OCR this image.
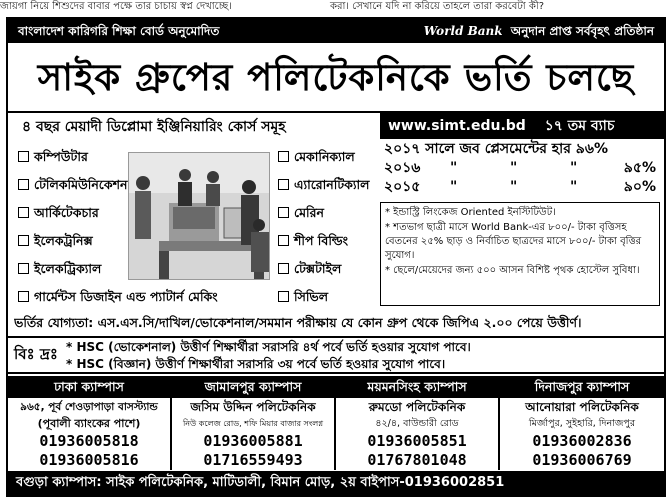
জায়গা নিয়ে শিশুদের বাবার পক্ষে তার চাচায় স্বপ্ন দেখাচ্ছে।	করা। সেখানে যদি না করিয়ে তাহলে তারা করবেটা কী?
বাংলাদেশ কারিগরি শিক্ষা বোর্ড অনুমোদিত	World Bank অনুদান প্রাপ্ত সর্ববৃহৎ প্রতিষ্ঠান
সাইক গ্রুপের পলিটেকনিকে ভর্তি চলছে
৪ বছর মেয়াদী ডিপ্লোমা ইঞ্জিনিয়ারিং কোর্স সমূহ	www.simt.edu.bd ১৭ তম ব্যাচ
কম্পিউটার
টেলিকমিউনিকেশন
আর্কিটেকচার
ইলেকট্রনিক্স
ইলেকট্রিক্যাল
গার্মেন্টস ডিজাইন এন্ড প্যাটার্ন মেকিং
মেকানিক্যাল
এ্যারোনটিক্যাল
মেরিন
শীপ বিল্ডিং
টেক্সটাইল
সিভিল
২০১৭ সালে জব প্লেসমেন্টের হার ৯৬%
২০১৬ "	"	"	৯৫%
২০১৫ "	"	"	৯০%

* ইন্ডাস্ট্রি লিংকেজ Oriented ইনস্টিটিউট।

* শতভাগ ছাত্রী মাসে World Bank-এর ৮০০/- টাকা বৃত্তিসহ বেতনের ২৫% ছাড় ও নির্বাচিত ছাত্রদের মাসে ৮০০/- টাকা বৃত্তির সুযোগ।

* ছেলে/মেয়েদের জন্য ৫০০ আসন বিশিষ্ট পৃথক হোস্টেল সুবিধা।

ভর্তির যোগ্যতা: এস.এস.সি/দাখিল/ভোকেশনাল/সমমান পরীক্ষায় যে কোন গ্রুপ থেকে জিপিএ ২.০০ পেয়ে উত্তীর্ণ।
বিঃ দ্রঃ * HSC (ভোকেশনাল) উত্তীর্ণ শিক্ষার্থীরা সরাসরি ৪র্থ পর্বে ভর্তি হওয়ার সুযোগ পাবে।
* HSC (বিজ্ঞান) উত্তীর্ণ শিক্ষার্থীরা সরাসরি ৩য় পর্বে ভর্তি হওয়ার সুযোগ পাবে।
ঢাকা ক্যাম্পাস
৯৬৫, পূর্ব শেওড়াপাড়া বাসস্ট্যান্ড
(পূবালী ব্যাংকের পাশে)
01936005818
01936005816
জামালপুর ক্যাম্পাস
জসিম উদ্দিন পলিটেকনিক
নিউ কলেজ রোড, শফি মিয়ার বাজার সংলগ্ন
01936005881
01716559493
ময়মনসিংহ ক্যাম্পাস
রুমডো পলিটেকনিক
৪২/৪, বাউন্ডারী রোড
01936005851
01767801048
দিনাজপুর ক্যাম্পাস
আনোয়ারা পলিটেকনিক
মির্জাপুর, সুইহারি, দিনাজপুর
01936002836
01936006769
বগুড়া ক্যাম্পাস: সাইক পলিটেকনিক, মাটিডালী, বিমান মোড়, ২য় বাইপাস-01936002851
